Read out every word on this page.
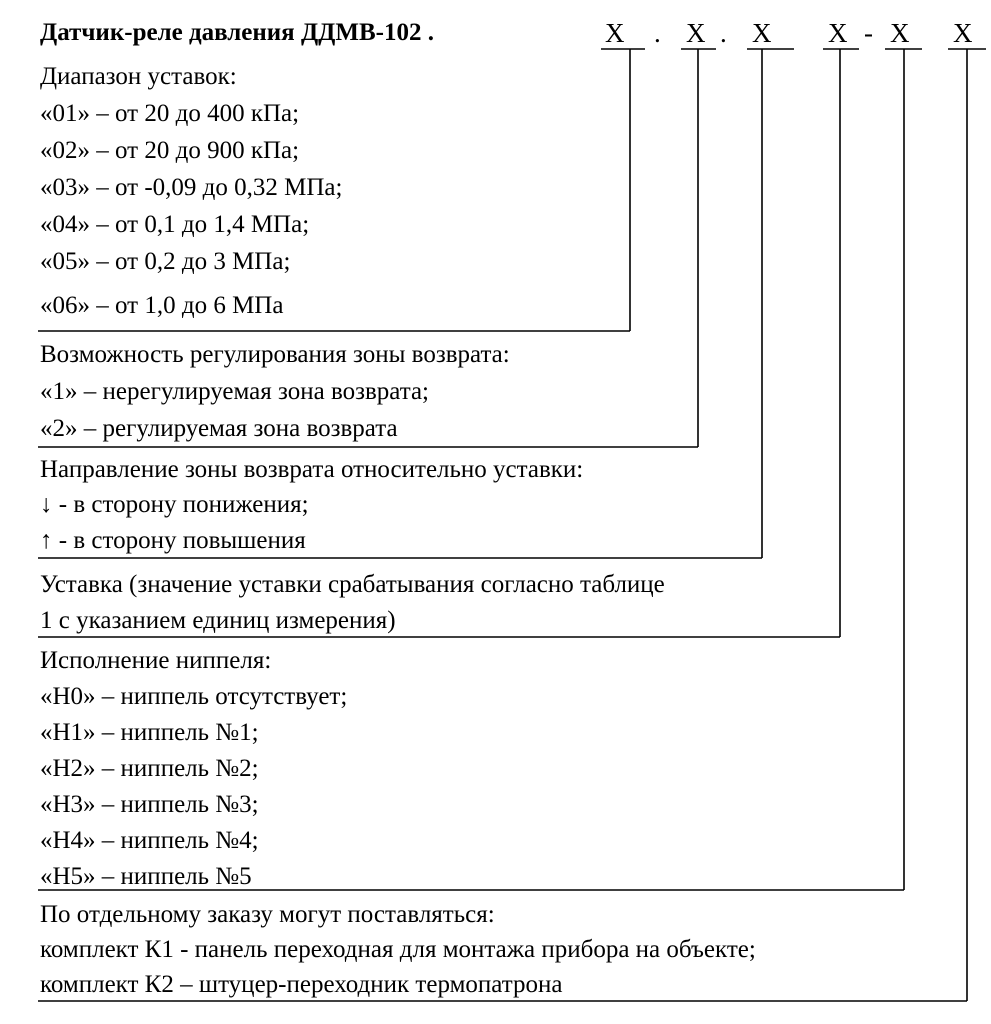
Датчик-реле давления ДДМВ-102 .	X . X . X X - X X
Диапазон уставок:
«01» – от 20 до 400 кПа;
«02» – от 20 до 900 кПа;
«03» – от -0,09 до 0,32 МПа;
«04» – от 0,1 до 1,4 МПа;
«05» – от 0,2 до 3 МПа;
«06» – от 1,0 до 6 МПа
Возможность регулирования зоны возврата:
«1» – нерегулируемая зона возврата;
«2» – регулируемая зона возврата
Направление зоны возврата относительно уставки:
↓ - в сторону понижения;
↑ - в сторону повышения
Уставка (значение уставки срабатывания согласно таблице
1 с указанием единиц измерения)
Исполнение ниппеля:
«Н0» – ниппель отсутствует;
«Н1» – ниппель №1;
«Н2» – ниппель №2;
«Н3» – ниппель №3;
«Н4» – ниппель №4;
«Н5» – ниппель №5
По отдельному заказу могут поставляться:
комплект К1 - панель переходная для монтажа прибора на объекте;
комплект К2 – штуцер-переходник термопатрона
